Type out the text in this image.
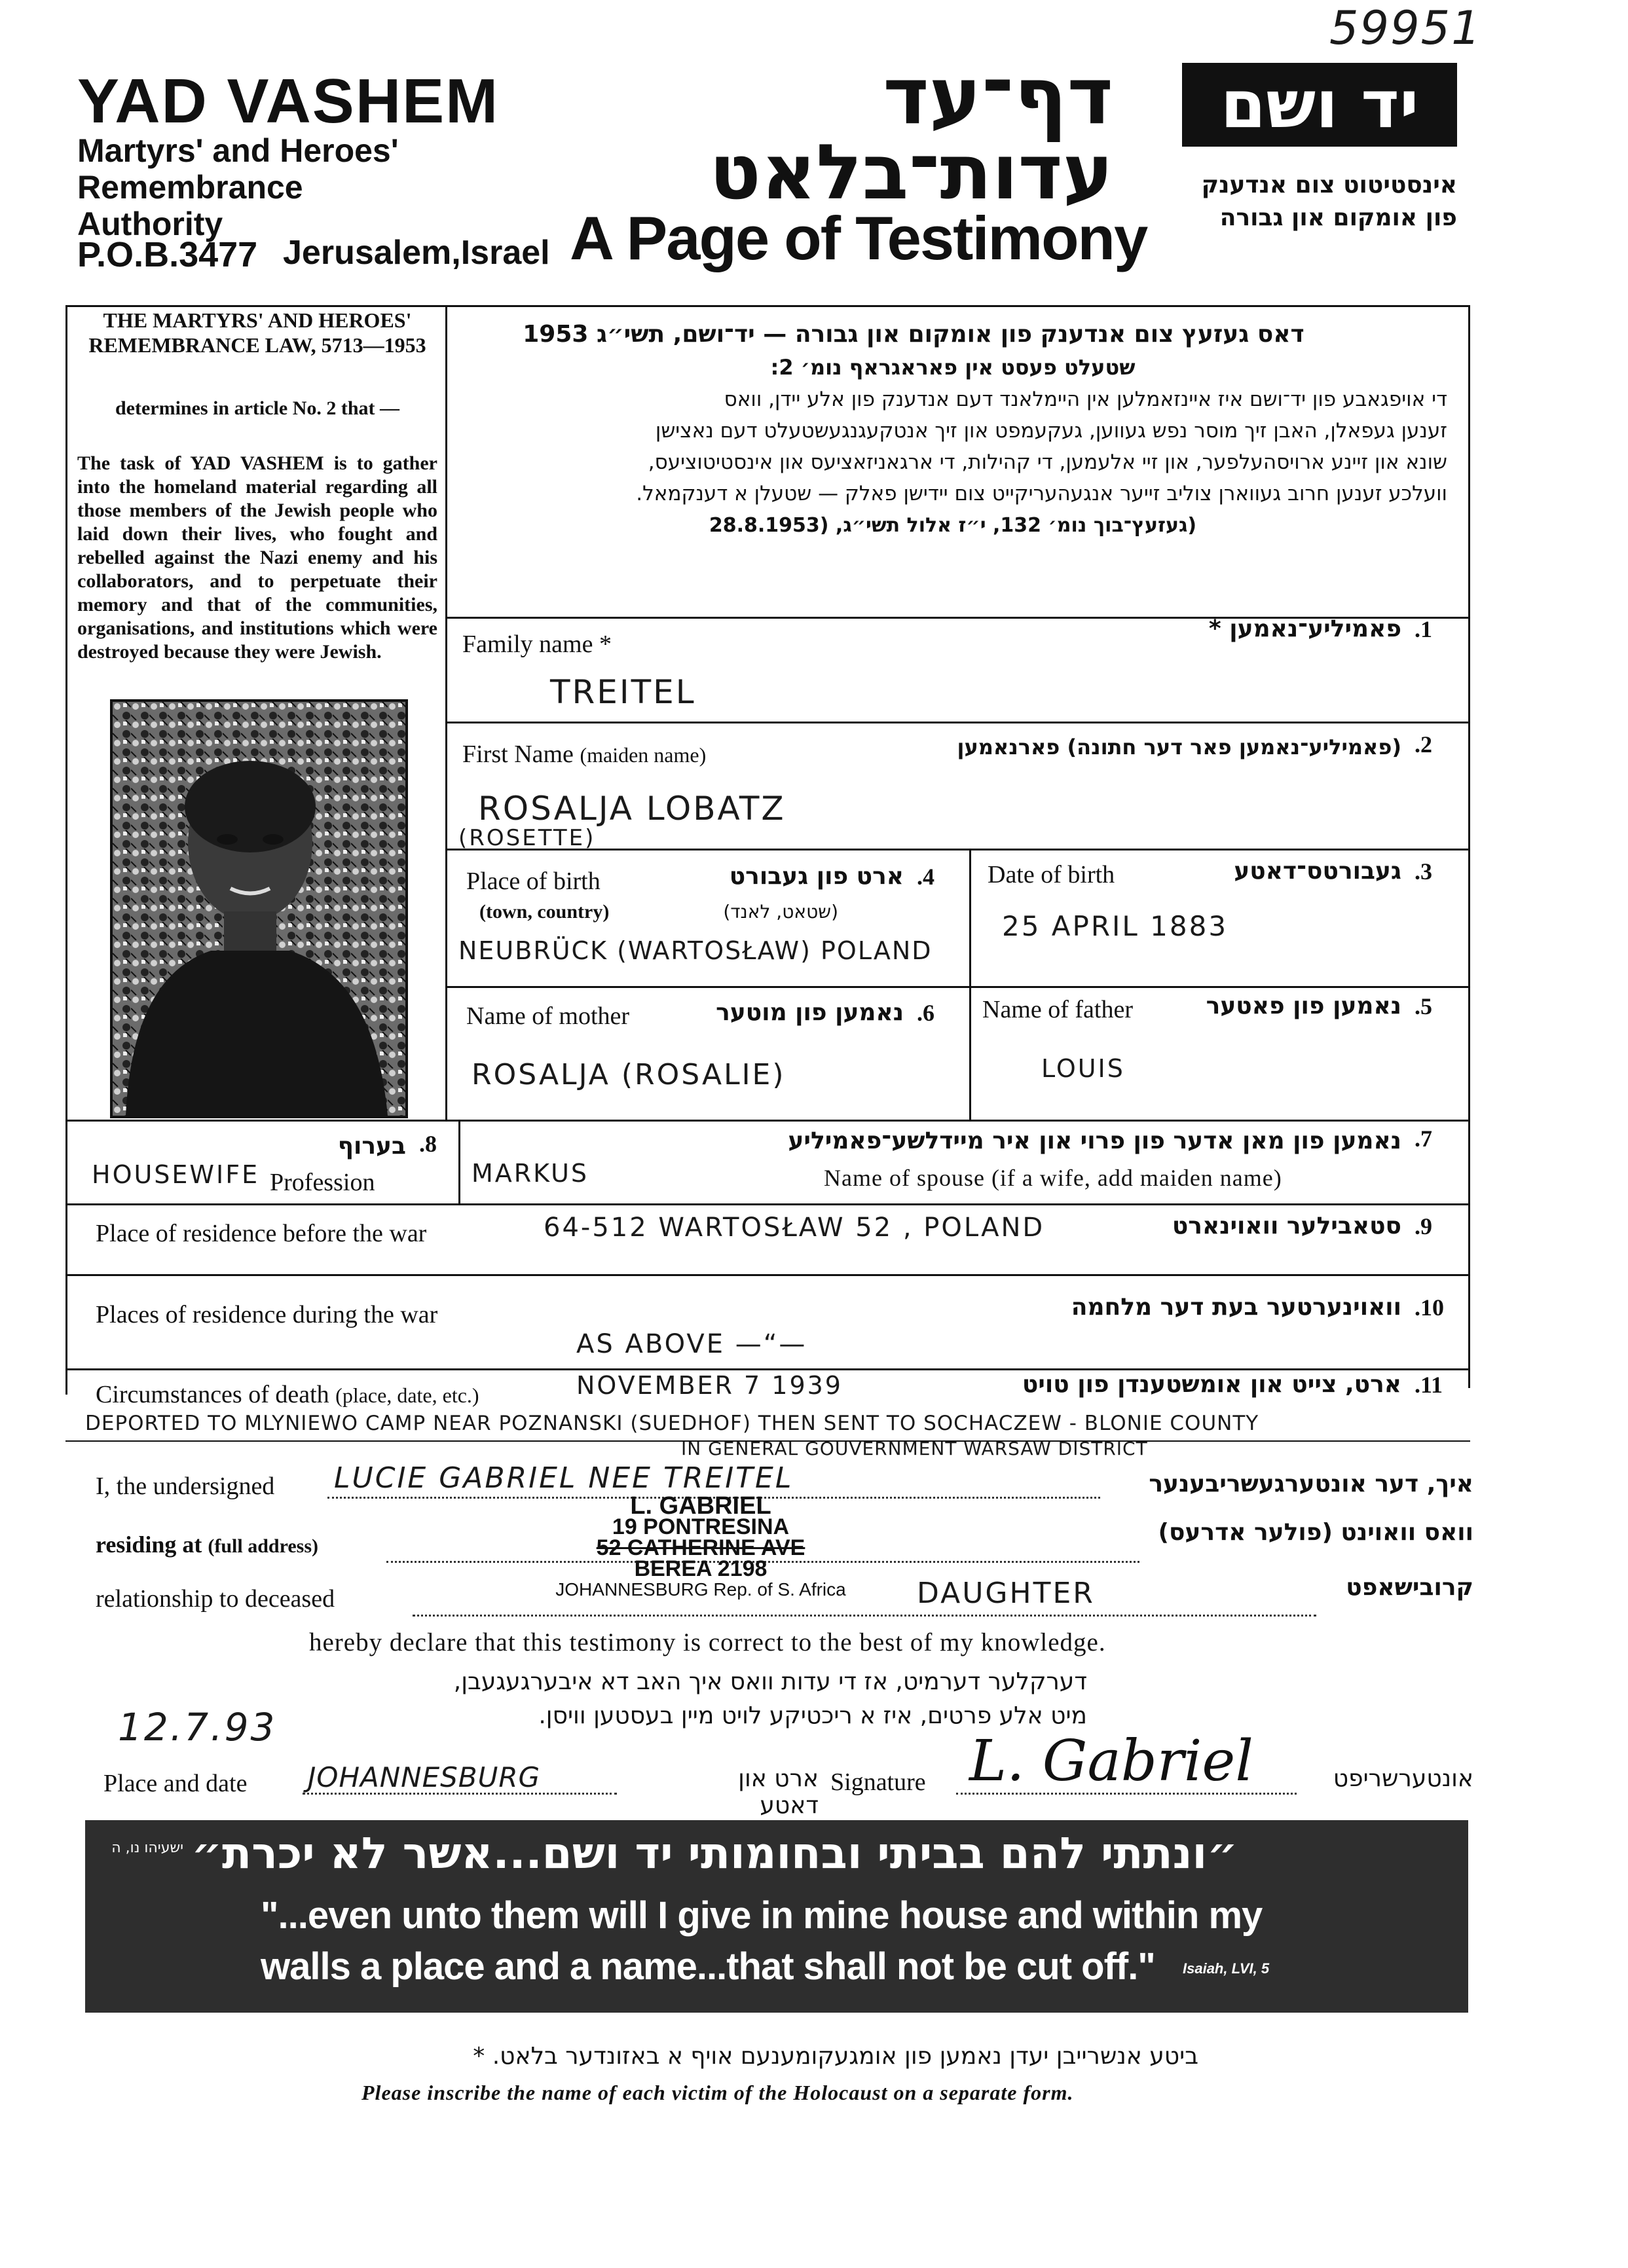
59951
YAD VASHEM
Martyrs' and Heroes'
Remembrance
Authority
P.O.B.3477 Jerusalem,Israel
דף־עד
עדות־בלאט
A Page of Testimony
יד ושם
אינסטיטוט צום אנדענק
פון אומקום און גבורה
THE MARTYRS' AND HEROES' REMEMBRANCE LAW, 5713—1953
determines in article No. 2 that —
The task of YAD VASHEM is to gather into the homeland material regarding all those members of the Jewish people who laid down their lives, who fought and rebelled against the Nazi enemy and his collaborators, and to perpetuate their memory and that of the communities, organisations, and institutions which were destroyed because they were Jewish.
דאס געזעץ צום אנדענק פון אומקום און גבורה — יד־ושם, תשי״ג 1953
שטעלט פעסט אין פאראגראף נומ׳ 2:
די אויפגאבע פון יד־ושם איז איינזאמלען אין היימלאנד דעם אנדענק פון אלע יידן, וואס
זענען געפאלן, האבן זיך מוסר נפש געווען, געקעמפט און זיך אנטקעגנגעשטעלט דעם נאצישן
שונא און זיינע ארויסהעלפער, און זיי אלעמען, די קהילות, די ארגאניזאציעס און אינסטיטוציעס,
וועלכע זענען חרוב געווארן צוליב זייער אנגעהעריקייט צום יידישן פאלק — שטעלן א דענקמאל.
(געזעץ־בוך נומ׳ 132, י״ז אלול תשי״ג, (28.8.1953
Family name *
פאמיליע־נאמען * .1
TREITEL
First Name (maiden name)	(פאמיליע־נאמען פאר דער חתונה) פארנאמען .2
ROSALJA LOBATZ
(ROSETTE)
Date of birth	געבורטס־דאטע .3
25 APRIL 1883
Place of birth
(town, country)
ארט פון געבורט
(שטאט, לאנד)
.4
NEUBRÜCK (WARTOSŁAW) POLAND
Name of father	נאמען פון פאטער .5
LOUIS
Name of mother	נאמען פון מוטער .6
ROSALJA (ROSALIE)
נאמען פון מאן אדער פון פרוי און איר מיידלשע־פאמיליע .7
Name of spouse (if a wife, add maiden name)
MARKUS
בערוף .8
HOUSEWIFE Profession
Place of residence before the war	64-512 WARTOSŁAW 52 , POLAND	סטאבילער וואוינארט .9
Places of residence during the war	וואוינערטער בעת דער מלחמה .10
AS ABOVE —“—
Circumstances of death (place, date, etc.)	NOVEMBER 7 1939	ארט, צייט און אומשטענדן פון טויט .11
DEPORTED TO MLYNIEWO CAMP NEAR POZNANSKI (SUEDHOF) THEN SENT TO SOCHACZEW - BLONIE COUNTY
IN GENERAL GOUVERNMENT WARSAW DISTRICT
I, the undersigned LUCIE GABRIEL NEE TREITEL	איך, דער אונטערגעשריבענער
residing at (full address)
וואס וואוינט (פולער אדרעס)
L. GABRIEL
19 PONTRESINA
52 CATHERINE AVE
BEREA 2198
JOHANNESBURG Rep. of S. Africa
relationship to deceased	DAUGHTER	קרובישאפט
hereby declare that this testimony is correct to the best of my knowledge.
דערקלער דערמיט, אז די עדות וואס איך האב דא איבערגעגעבן,
מיט אלע פרטים, איז א ריכטיקע לויט מיין בעסטען וויסן.
12.7.93
Place and date JOHANNESBURG	ארט און דאטע
Signature L. Gabriel	אונטערשריפט
״ונתתי להם בביתי ובחומותי יד ושם...אשר לא יכרת״
ישעיהו נו, ה
"...even unto them will I give in mine house and within my
walls a place and a name...that shall not be cut off." Isaiah, LVI, 5
ביטע אנשרייבן יעדן נאמען פון אומגעקומענעם אויף א באזונדער בלאט. *
Please inscribe the name of each victim of the Holocaust on a separate form.
